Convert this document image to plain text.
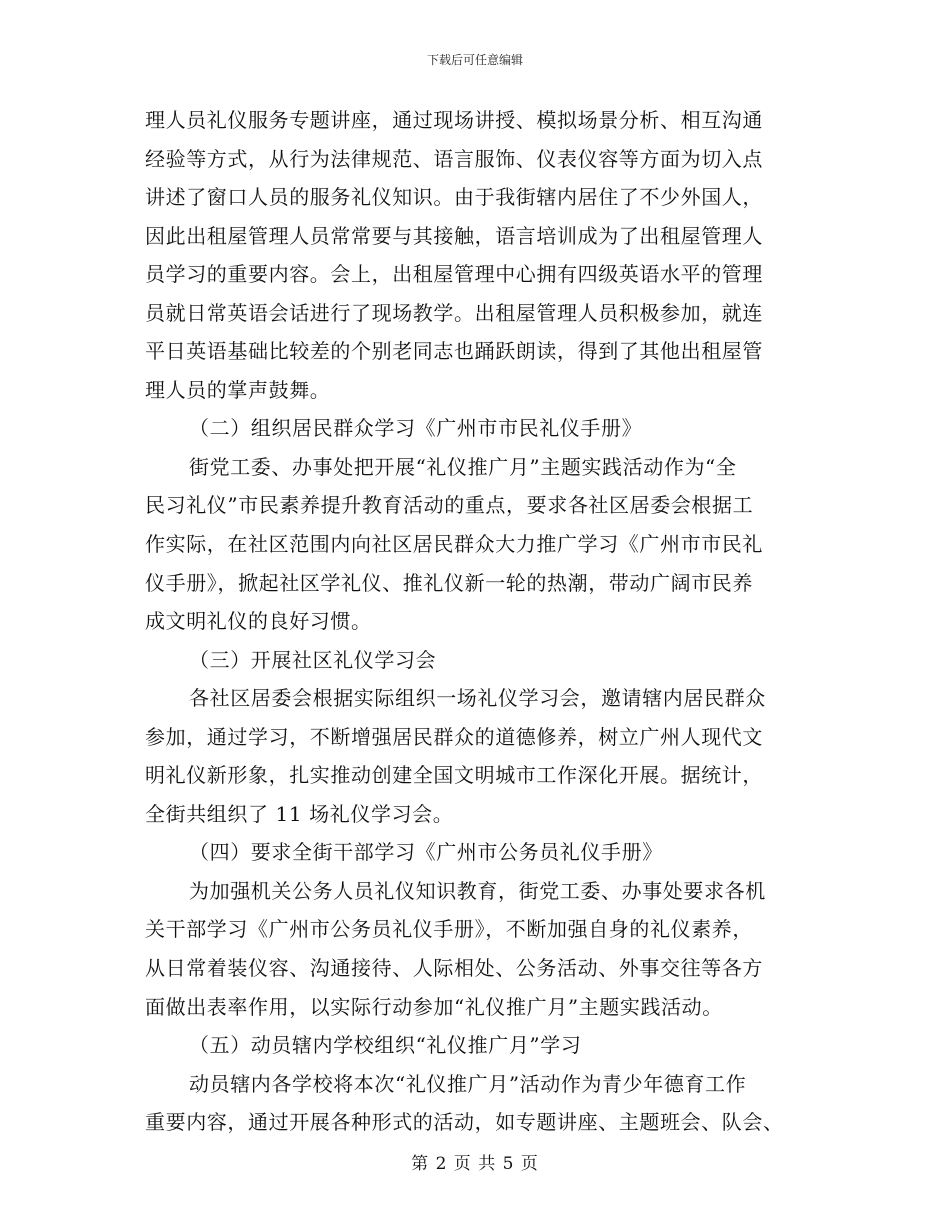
下载后可任意编辑
理人员礼仪服务专题讲座，通过现场讲授、模拟场景分析、相互沟通
经验等方式，从行为法律规范、语言服饰、仪表仪容等方面为切入点
讲述了窗口人员的服务礼仪知识。由于我街辖内居住了不少外国人，
因此出租屋管理人员常常要与其接触，语言培训成为了出租屋管理人
员学习的重要内容。会上，出租屋管理中心拥有四级英语水平的管理
员就日常英语会话进行了现场教学。出租屋管理人员积极参加，就连
平日英语基础比较差的个别老同志也踊跃朗读，得到了其他出租屋管
理人员的掌声鼓舞。
（二）组织居民群众学习《广州市市民礼仪手册》
街党工委、办事处把开展“礼仪推广月”主题实践活动作为“全
民习礼仪”市民素养提升教育活动的重点，要求各社区居委会根据工
作实际，在社区范围内向社区居民群众大力推广学习《广州市市民礼
仪手册》，掀起社区学礼仪、推礼仪新一轮的热潮，带动广阔市民养
成文明礼仪的良好习惯。
（三）开展社区礼仪学习会
各社区居委会根据实际组织一场礼仪学习会，邀请辖内居民群众
参加，通过学习，不断增强居民群众的道德修养，树立广州人现代文
明礼仪新形象，扎实推动创建全国文明城市工作深化开展。据统计，
全街共组织了 11 场礼仪学习会。
（四）要求全街干部学习《广州市公务员礼仪手册》
为加强机关公务人员礼仪知识教育，街党工委、办事处要求各机
关干部学习《广州市公务员礼仪手册》，不断加强自身的礼仪素养，
从日常着装仪容、沟通接待、人际相处、公务活动、外事交往等各方
面做出表率作用，以实际行动参加“礼仪推广月”主题实践活动。
（五）动员辖内学校组织“礼仪推广月”学习
动员辖内各学校将本次“礼仪推广月”活动作为青少年德育工作
重要内容，通过开展各种形式的活动，如专题讲座、主题班会、队会、
第 2 页 共 5 页
